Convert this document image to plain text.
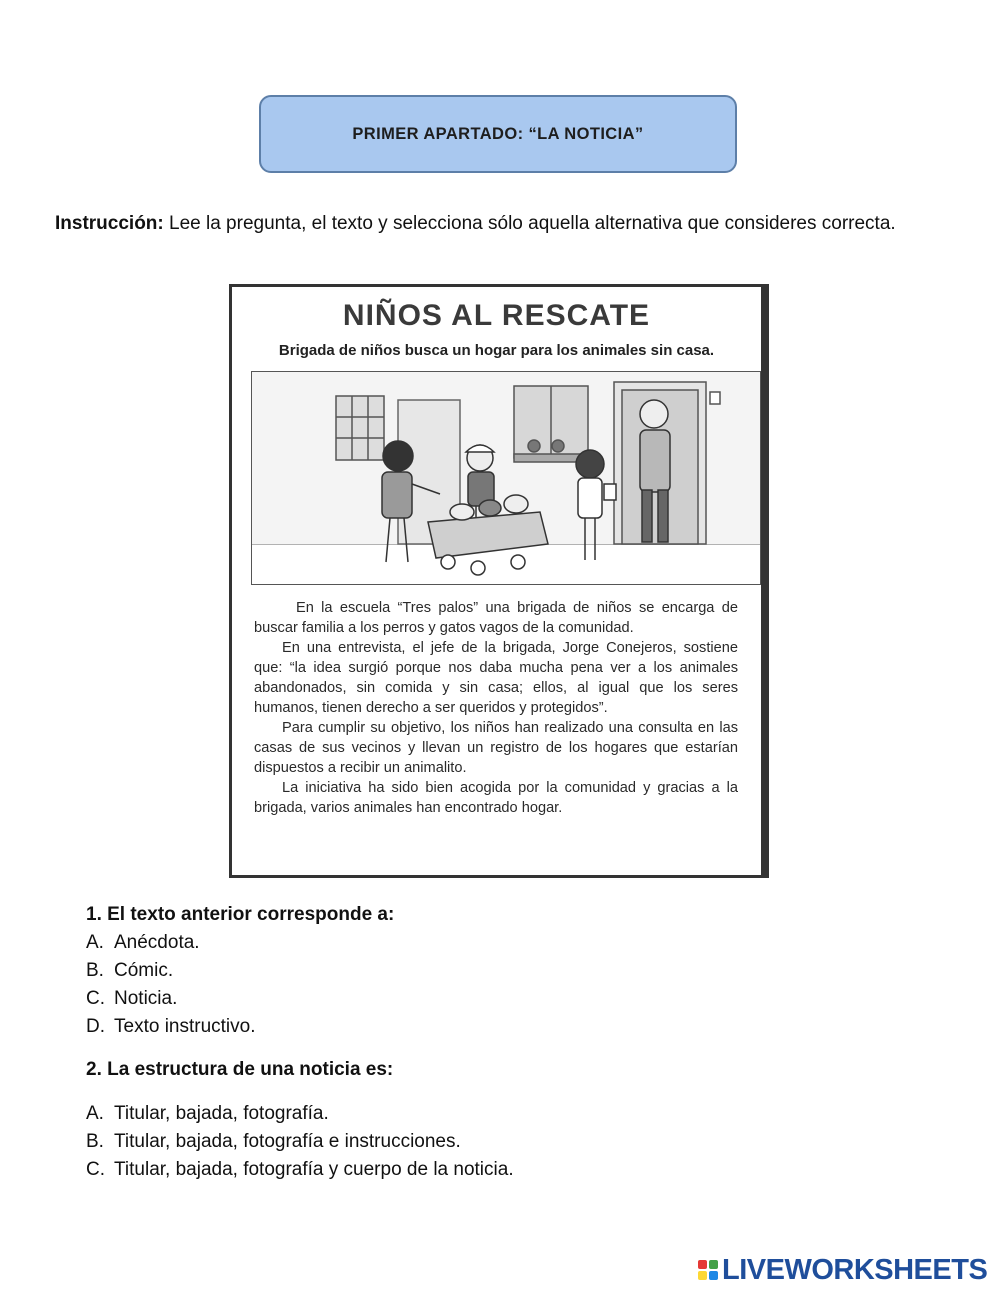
PRIMER APARTADO: “LA NOTICIA”
Instrucción: Lee la pregunta, el texto y selecciona sólo aquella alternativa que consideres correcta.
NIÑOS AL RESCATE
Brigada de niños busca un hogar para los animales sin casa.

En la escuela “Tres palos” una brigada de niños se encarga de buscar familia a los perros y gatos vagos de la comunidad.

En una entrevista, el jefe de la brigada, Jorge Conejeros, sostiene que: “la idea surgió porque nos daba mucha pena ver a los animales abandonados, sin comida y sin casa; ellos, al igual que los seres humanos, tienen derecho a ser queridos y protegidos”.

Para cumplir su objetivo, los niños han realizado una consulta en las casas de sus vecinos y llevan un registro de los hogares que estarían dispuestos a recibir un animalito.

La iniciativa ha sido bien acogida por la comunidad y gracias a la brigada, varios animales han encontrado hogar.

1. El texto anterior corresponde a:
A. Anécdota.
B. Cómic.
C. Noticia.
D. Texto instructivo.
2. La estructura de una noticia es:
A. Titular, bajada, fotografía.
B. Titular, bajada, fotografía e instrucciones.
C. Titular, bajada, fotografía y cuerpo de la noticia.
LIVEWORKSHEETS
